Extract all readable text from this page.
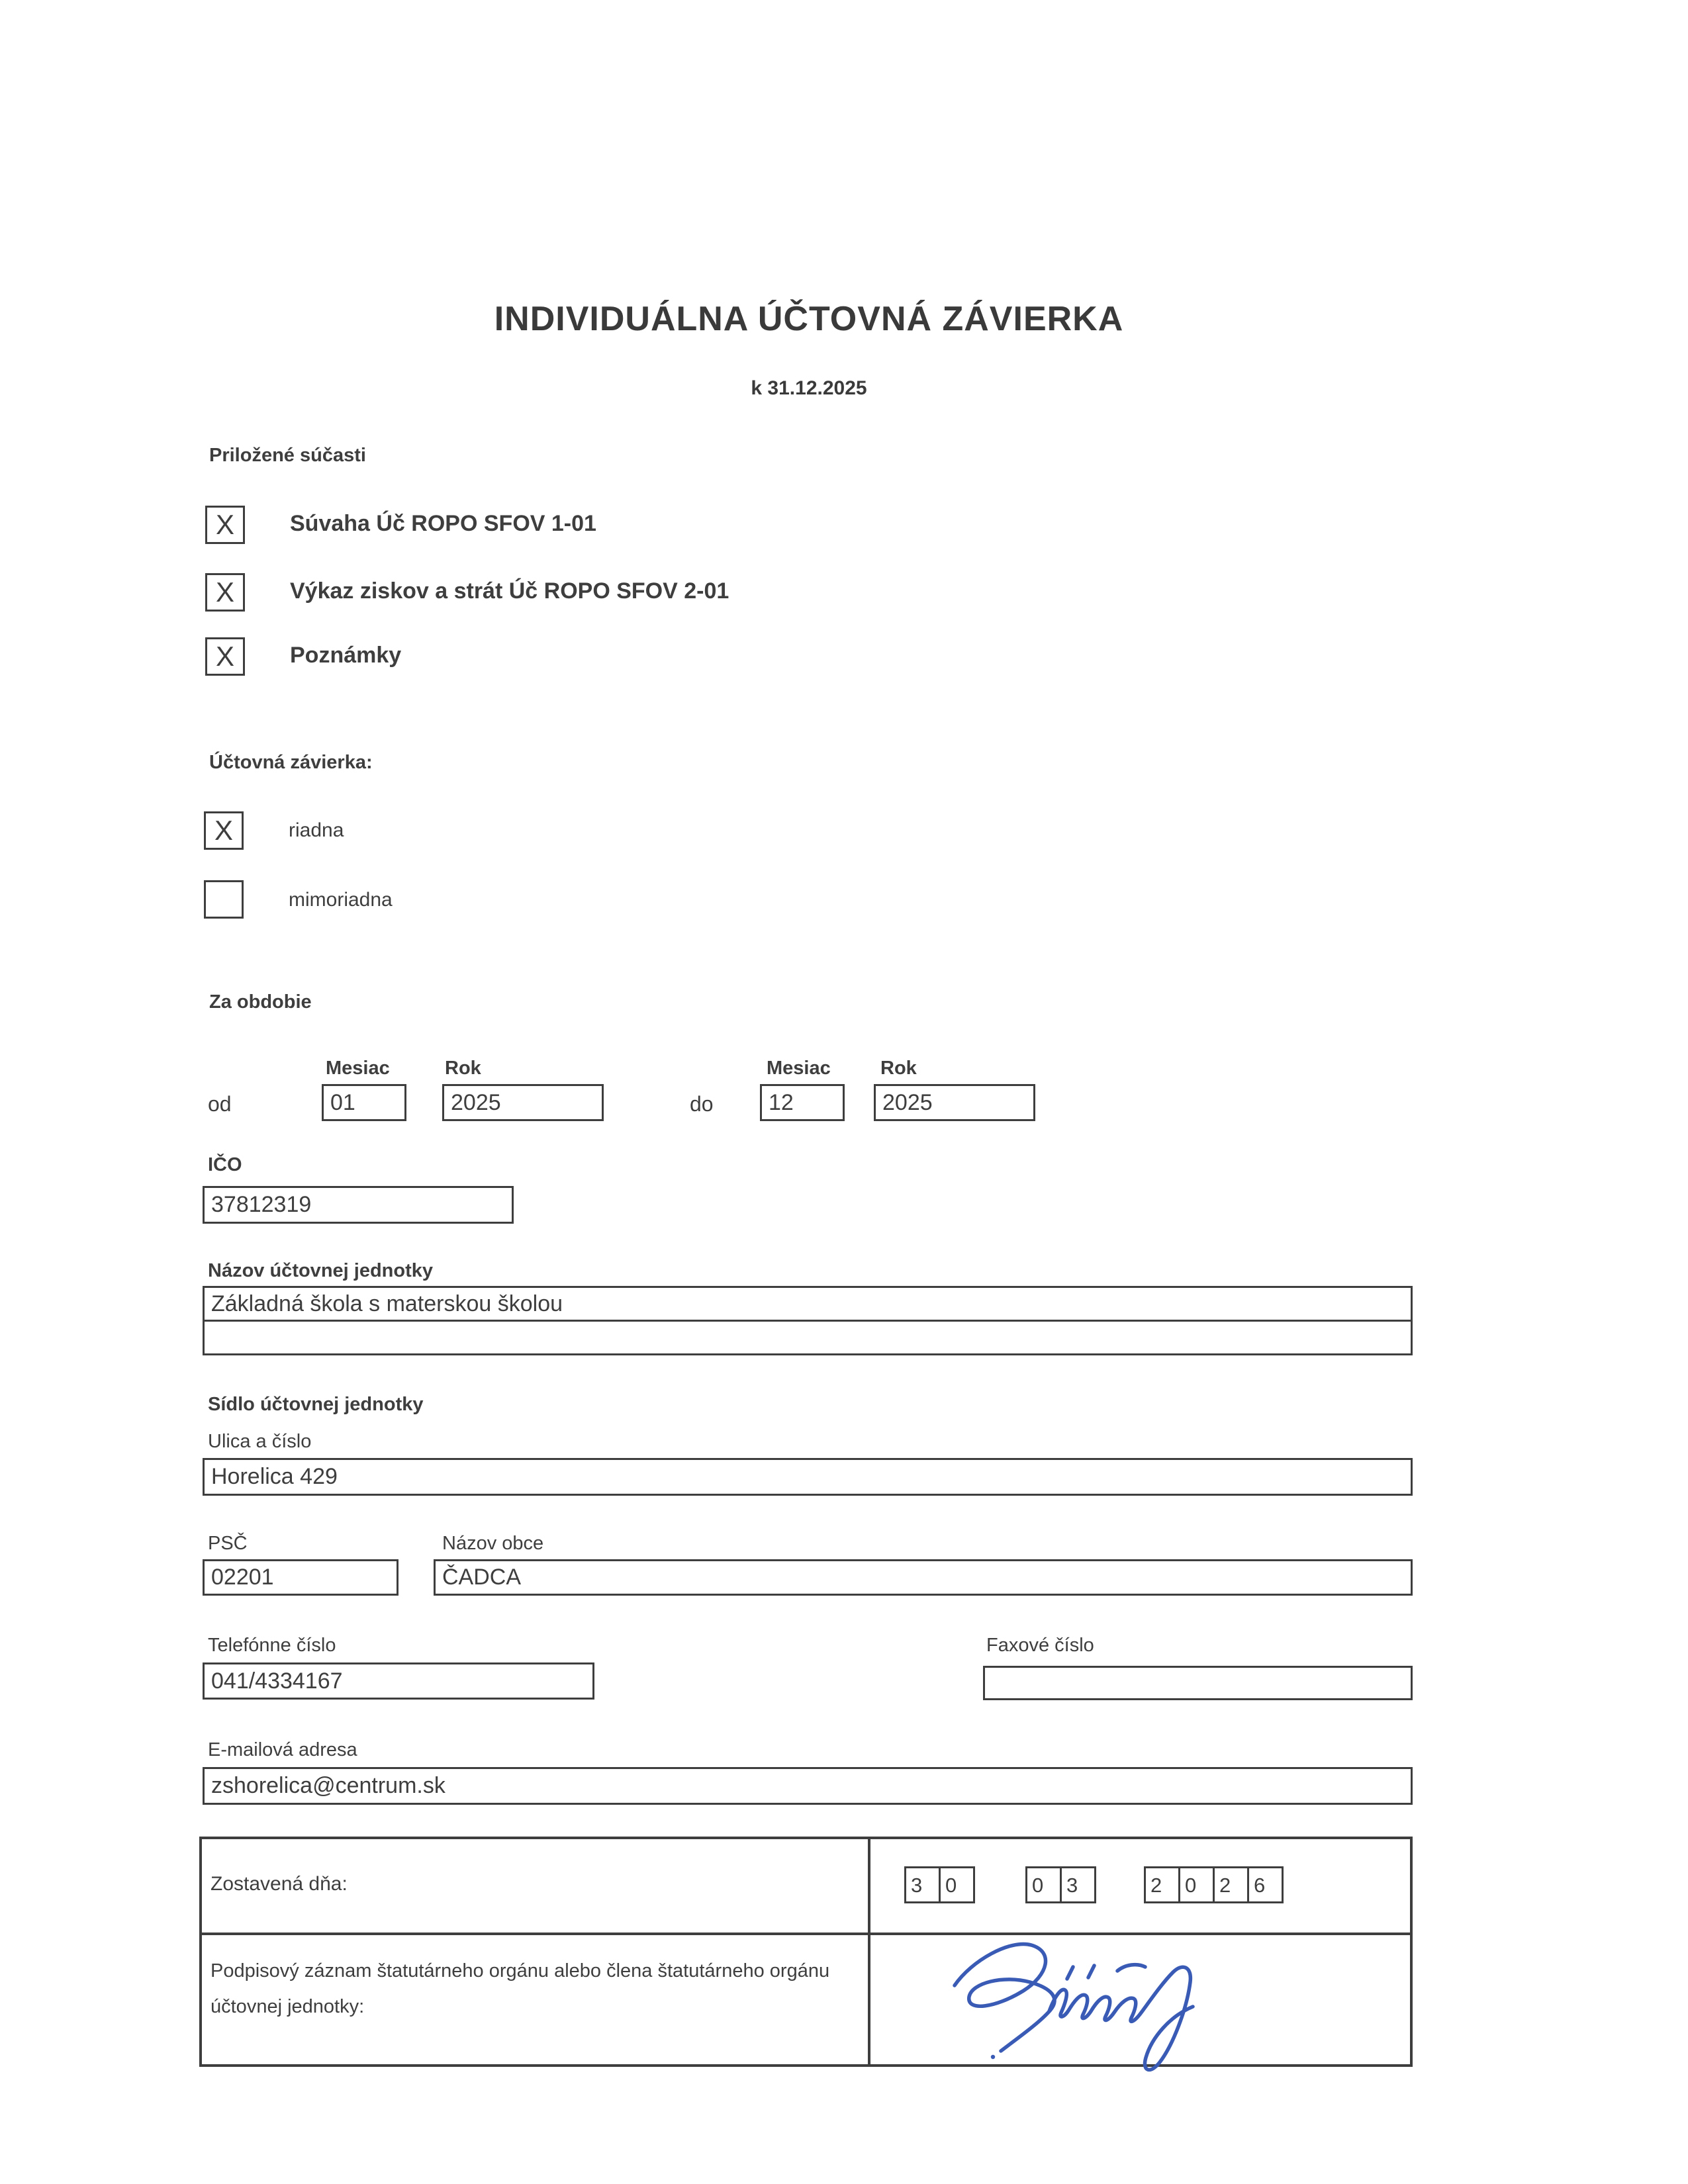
INDIVIDUÁLNA ÚČTOVNÁ ZÁVIERKA
k 31.12.2025
Priložené súčasti
X	Súvaha Úč ROPO SFOV 1-01
X	Výkaz ziskov a strát Úč ROPO SFOV 2-01
X	Poznámky
Účtovná závierka:
X	riadna
mimoriadna
Za obdobie
Mesiac	Rok
od	01	2025
Mesiac	Rok
do 12	2025
IČO
37812319
Názov účtovnej jednotky
Základná škola s materskou školou
Sídlo účtovnej jednotky
Ulica a číslo
Horelica 429
PSČ	Názov obce
02201	ČADCA
Telefónne číslo
041/4334167
Faxové číslo
E-mailová adresa
zshorelica@centrum.sk
Zostavená dňa:	3	0	0	3	2	0	2	6
Podpisový záznam štatutárneho orgánu alebo člena štatutárneho orgánu účtovnej jednotky:
